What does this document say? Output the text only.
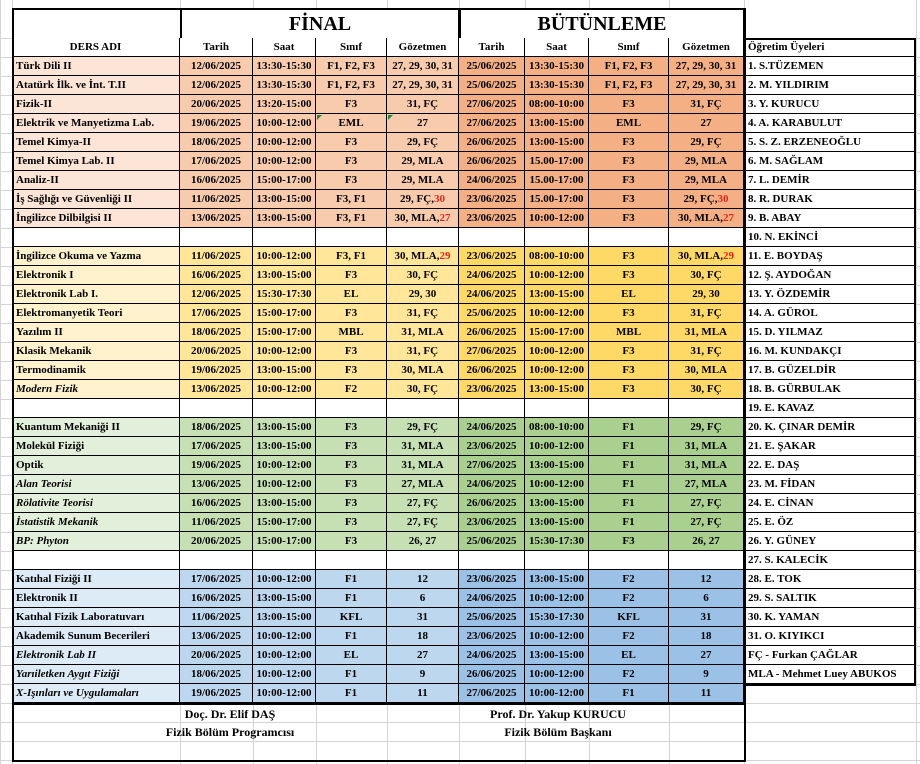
FİNAL	BÜTÜNLEME
DERS ADI	Tarih	Saat	Sınıf	Gözetmen	Tarih	Saat	Sınıf	Gözetmen	Öğretim Üyeleri
Türk Dili II	12/06/2025	13:30-15:30	F1, F2, F3	27, 29, 30, 31	25/06/2025	13:30-15:30	F1, F2, F3	27, 29, 30, 31
Atatürk İlk. ve İnt. T.II	12/06/2025	13:30-15:30	F1, F2, F3	27, 29, 30, 31	25/06/2025	13:30-15:30	F1, F2, F3	27, 29, 30, 31
Fizik-II	20/06/2025	13:20-15:00	F3	31, FÇ	27/06/2025	08:00-10:00	F3	31, FÇ
Elektrik ve Manyetizma Lab.	19/06/2025	10:00-12:00	EML	27	27/06/2025	13:00-15:00	EML	27
Temel Kimya-II	18/06/2025	10:00-12:00	F3	29, FÇ	26/06/2025	13:00-15:00	F3	29, FÇ
Temel Kimya Lab. II	17/06/2025	10:00-12:00	F3	29, MLA	26/06/2025	15.00-17:00	F3	29, MLA
Analiz-II	16/06/2025	15:00-17:00	F3	29, MLA	24/06/2025	15.00-17:00	F3	29, MLA
İş Sağlığı ve Güvenliği II	11/06/2025	13:00-15:00	F3, F1	29, FÇ, 30	23/06/2025	15.00-17:00	F3	29, FÇ, 30
İngilizce Dilbilgisi II	13/06/2025	13:00-15:00	F3, F1	30, MLA, 27	23/06/2025	10:00-12:00	F3	30, MLA, 27
İngilizce Okuma ve Yazma	11/06/2025	10:00-12:00	F3, F1	30, MLA, 29	23/06/2025	08:00-10:00	F3	30, MLA, 29
Elektronik I	16/06/2025	13:00-15:00	F3	30, FÇ	24/06/2025	10:00-12:00	F3	30, FÇ
Elektronik Lab I.	12/06/2025	15:30-17:30	EL	29, 30	24/06/2025	13:00-15:00	EL	29, 30
Elektromanyetik Teori	17/06/2025	15:00-17:00	F3	31, FÇ	25/06/2025	10:00-12:00	F3	31, FÇ
Yazılım II	18/06/2025	15:00-17:00	MBL	31, MLA	26/06/2025	15:00-17:00	MBL	31, MLA
Klasik Mekanik	20/06/2025	10:00-12:00	F3	31, FÇ	27/06/2025	10:00-12:00	F3	31, FÇ
Termodinamik	19/06/2025	13:00-15:00	F3	30, MLA	26/06/2025	10:00-12:00	F3	30, MLA
Modern Fizik	13/06/2025	10:00-12:00	F2	30, FÇ	23/06/2025	13:00-15:00	F3	30, FÇ
Kuantum Mekaniği II	18/06/2025	13:00-15:00	F3	29, FÇ	24/06/2025	08:00-10:00	F1	29, FÇ
Molekül Fiziği	17/06/2025	13:00-15:00	F3	31, MLA	23/06/2025	10:00-12:00	F1	31, MLA
Optik	19/06/2025	10:00-12:00	F3	31, MLA	27/06/2025	13:00-15:00	F1	31, MLA
Alan Teorisi	13/06/2025	10:00-12:00	F3	27, MLA	24/06/2025	10:00-12:00	F1	27, MLA
Rölativite Teorisi	16/06/2025	13:00-15:00	F3	27, FÇ	26/06/2025	13:00-15:00	F1	27, FÇ
İstatistik Mekanik	11/06/2025	15:00-17:00	F3	27, FÇ	23/06/2025	13:00-15:00	F1	27, FÇ
BP: Phyton	20/06/2025	15:00-17:00	F3	26, 27	25/06/2025	15:30-17:30	F3	26, 27
Katıhal Fiziği II	17/06/2025	10:00-12:00	F1	12	23/06/2025	13:00-15:00	F2	12
Elektronik II	16/06/2025	13:00-15:00	F1	6	24/06/2025	10:00-12:00	F2	6
Katıhal Fizik Laboratuvarı	11/06/2025	13:00-15:00	KFL	31	25/06/2025	15:30-17:30	KFL	31
Akademik Sunum Becerileri	13/06/2025	10:00-12:00	F1	18	23/06/2025	10:00-12:00	F2	18
Elektronik Lab II	20/06/2025	10:00-12:00	EL	27	24/06/2025	13:00-15:00	EL	27
Yarıiletken Aygıt Fiziği	18/06/2025	10:00-12:00	F1	9	26/06/2025	10:00-12:00	F2	9
X-Işınları ve Uygulamaları	19/06/2025	10:00-12:00	F1	11	27/06/2025	10:00-12:00	F1	11
1. S.TÜZEMEN
2. M. YILDIRIM
3. Y. KURUCU
4. A. KARABULUT
5. S. Z. ERZENEOĞLU
6. M. SAĞLAM
7. L. DEMİR
8. R. DURAK
9. B. ABAY
10. N. EKİNCİ
11. E. BOYDAŞ
12. Ş. AYDOĞAN
13. Y. ÖZDEMİR
14. A. GÜROL
15. D. YILMAZ
16. M. KUNDAKÇI
17. B. GÜZELDİR
18. B. GÜRBULAK
19. E. KAVAZ
20. K. ÇINAR DEMİR
21. E. ŞAKAR
22. E. DAŞ
23. M. FİDAN
24. E. CİNAN
25. E. ÖZ
26. Y. GÜNEY
27. S. KALECİK
28. E. TOK
29. S. SALTIK
30. K. YAMAN
31. O. KIYIKCI
FÇ - Furkan ÇAĞLAR
MLA - Mehmet Luey ABUKOS
Doç. Dr. Elif DAŞ
Fizik Bölüm Programcısı
Prof. Dr. Yakup KURUCU
Fizik Bölüm Başkanı
